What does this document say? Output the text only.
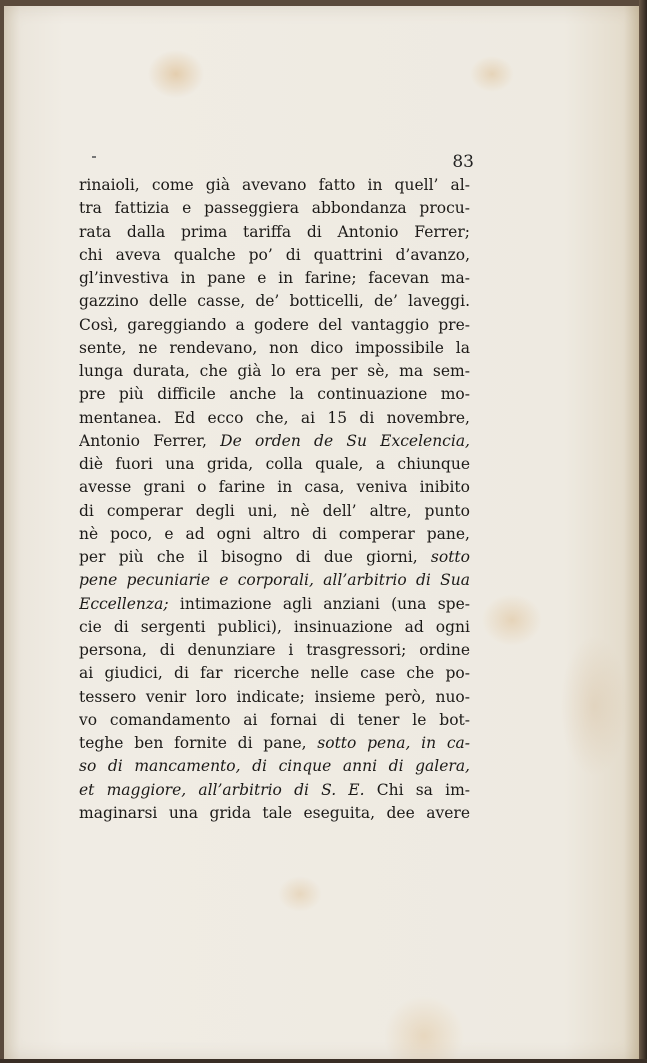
83
rinaioli, come già avevano fatto in quell’ al-
tra fattizia e passeggiera abbondanza procu-
rata dalla prima tariffa di Antonio Ferrer;
chi aveva qualche po’ di quattrini d’avanzo,
gl’investiva in pane e in farine; facevan ma-
gazzino delle casse, de’ botticelli, de’ laveggi.
Così, gareggiando a godere del vantaggio pre-
sente, ne rendevano, non dico impossibile la
lunga durata, che già lo era per sè, ma sem-
pre più difficile anche la continuazione mo-
mentanea. Ed ecco che, ai 15 di novembre,
Antonio Ferrer, De orden de Su Excelencia,
diè fuori una grida, colla quale, a chiunque
avesse grani o farine in casa, veniva inibito
di comperar degli uni, nè dell’ altre, punto
nè poco, e ad ogni altro di comperar pane,
per più che il bisogno di due giorni, sotto
pene pecuniarie e corporali, all’arbitrio di Sua
Eccellenza; intimazione agli anziani (una spe-
cie di sergenti publici), insinuazione ad ogni
persona, di denunziare i trasgressori; ordine
ai giudici, di far ricerche nelle case che po-
tessero venir loro indicate; insieme però, nuo-
vo comandamento ai fornai di tener le bot-
teghe ben fornite di pane, sotto pena, in ca-
so di mancamento, di cinque anni di galera,
et maggiore, all’arbitrio di S. E. Chi sa im-
maginarsi una grida tale eseguita, dee avere
